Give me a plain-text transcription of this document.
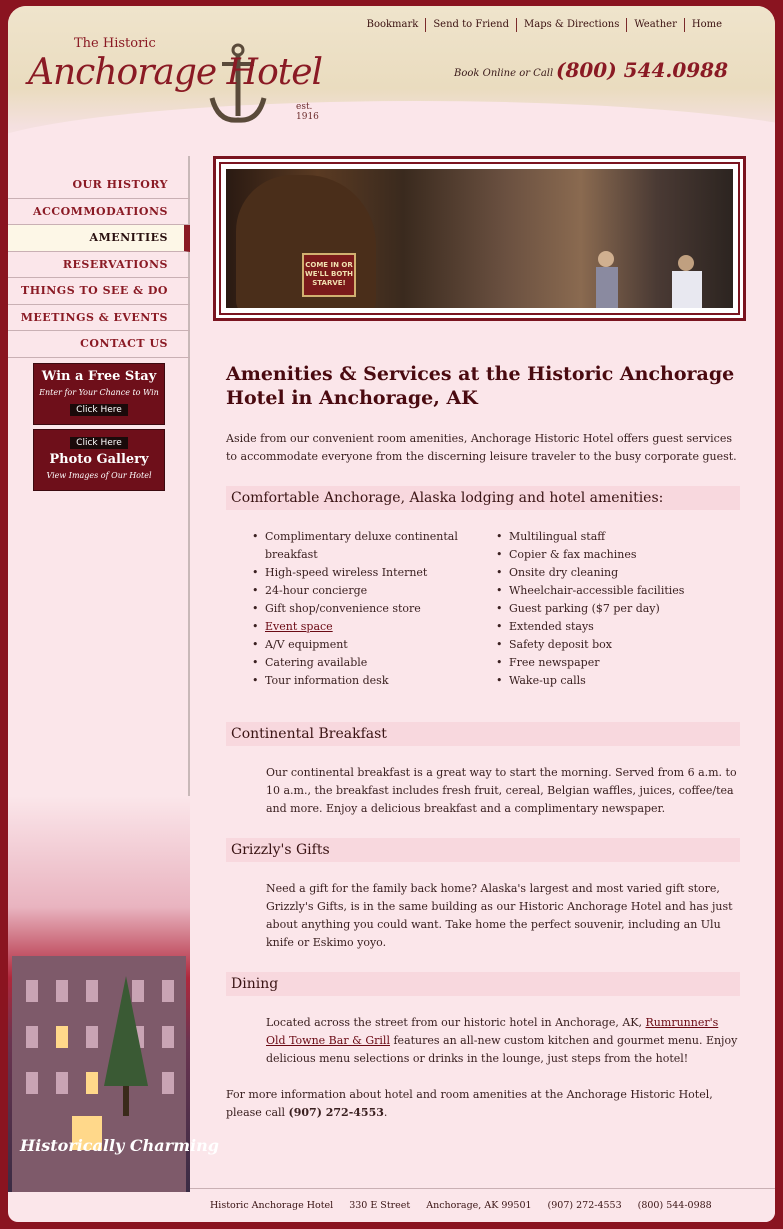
Bookmark	Send to Friend	Maps & Directions	Weather	Home
The Historic
Anchorage Hotel
est. 1916
Book Online or Call (800) 544.0988
OUR HISTORY
ACCOMMODATIONS
AMENITIES
RESERVATIONS
THINGS TO SEE & DO
MEETINGS & EVENTS
CONTACT US
Win a Free Stay
Enter for Your Chance to Win
Click Here
Click Here
Photo Gallery
View Images of Our Hotel
Historically Charming
COME IN OR WE'LL BOTH STARVE!
Amenities & Services at the Historic Anchorage Hotel in Anchorage, AK
Aside from our convenient room amenities, Anchorage Historic Hotel offers guest services to accommodate everyone from the discerning leisure traveler to the busy corporate guest.
Comfortable Anchorage, Alaska lodging and hotel amenities:
• Complimentary deluxe continental breakfast
• High-speed wireless Internet
• 24-hour concierge
• Gift shop/convenience store
• Event space
• A/V equipment
• Catering available
• Tour information desk
• Multilingual staff
• Copier & fax machines
• Onsite dry cleaning
• Wheelchair-accessible facilities
• Guest parking ($7 per day)
• Extended stays
• Safety deposit box
• Free newspaper
• Wake-up calls
Continental Breakfast
Our continental breakfast is a great way to start the morning. Served from 6 a.m. to 10 a.m., the breakfast includes fresh fruit, cereal, Belgian waffles, juices, coffee/tea and more. Enjoy a delicious breakfast and a complimentary newspaper.
Grizzly's Gifts
Need a gift for the family back home? Alaska's largest and most varied gift store, Grizzly's Gifts, is in the same building as our Historic Anchorage Hotel and has just about anything you could want. Take home the perfect souvenir, including an Ulu knife or Eskimo yoyo.
Dining
Located across the street from our historic hotel in Anchorage, AK, Rumrunner's Old Towne Bar & Grill features an all-new custom kitchen and gourmet menu. Enjoy delicious menu selections or drinks in the lounge, just steps from the hotel!
For more information about hotel and room amenities at the Anchorage Historic Hotel, please call (907) 272-4553.
Historic Anchorage Hotel 330 E Street Anchorage, AK 99501 (907) 272-4553 (800) 544-0988
